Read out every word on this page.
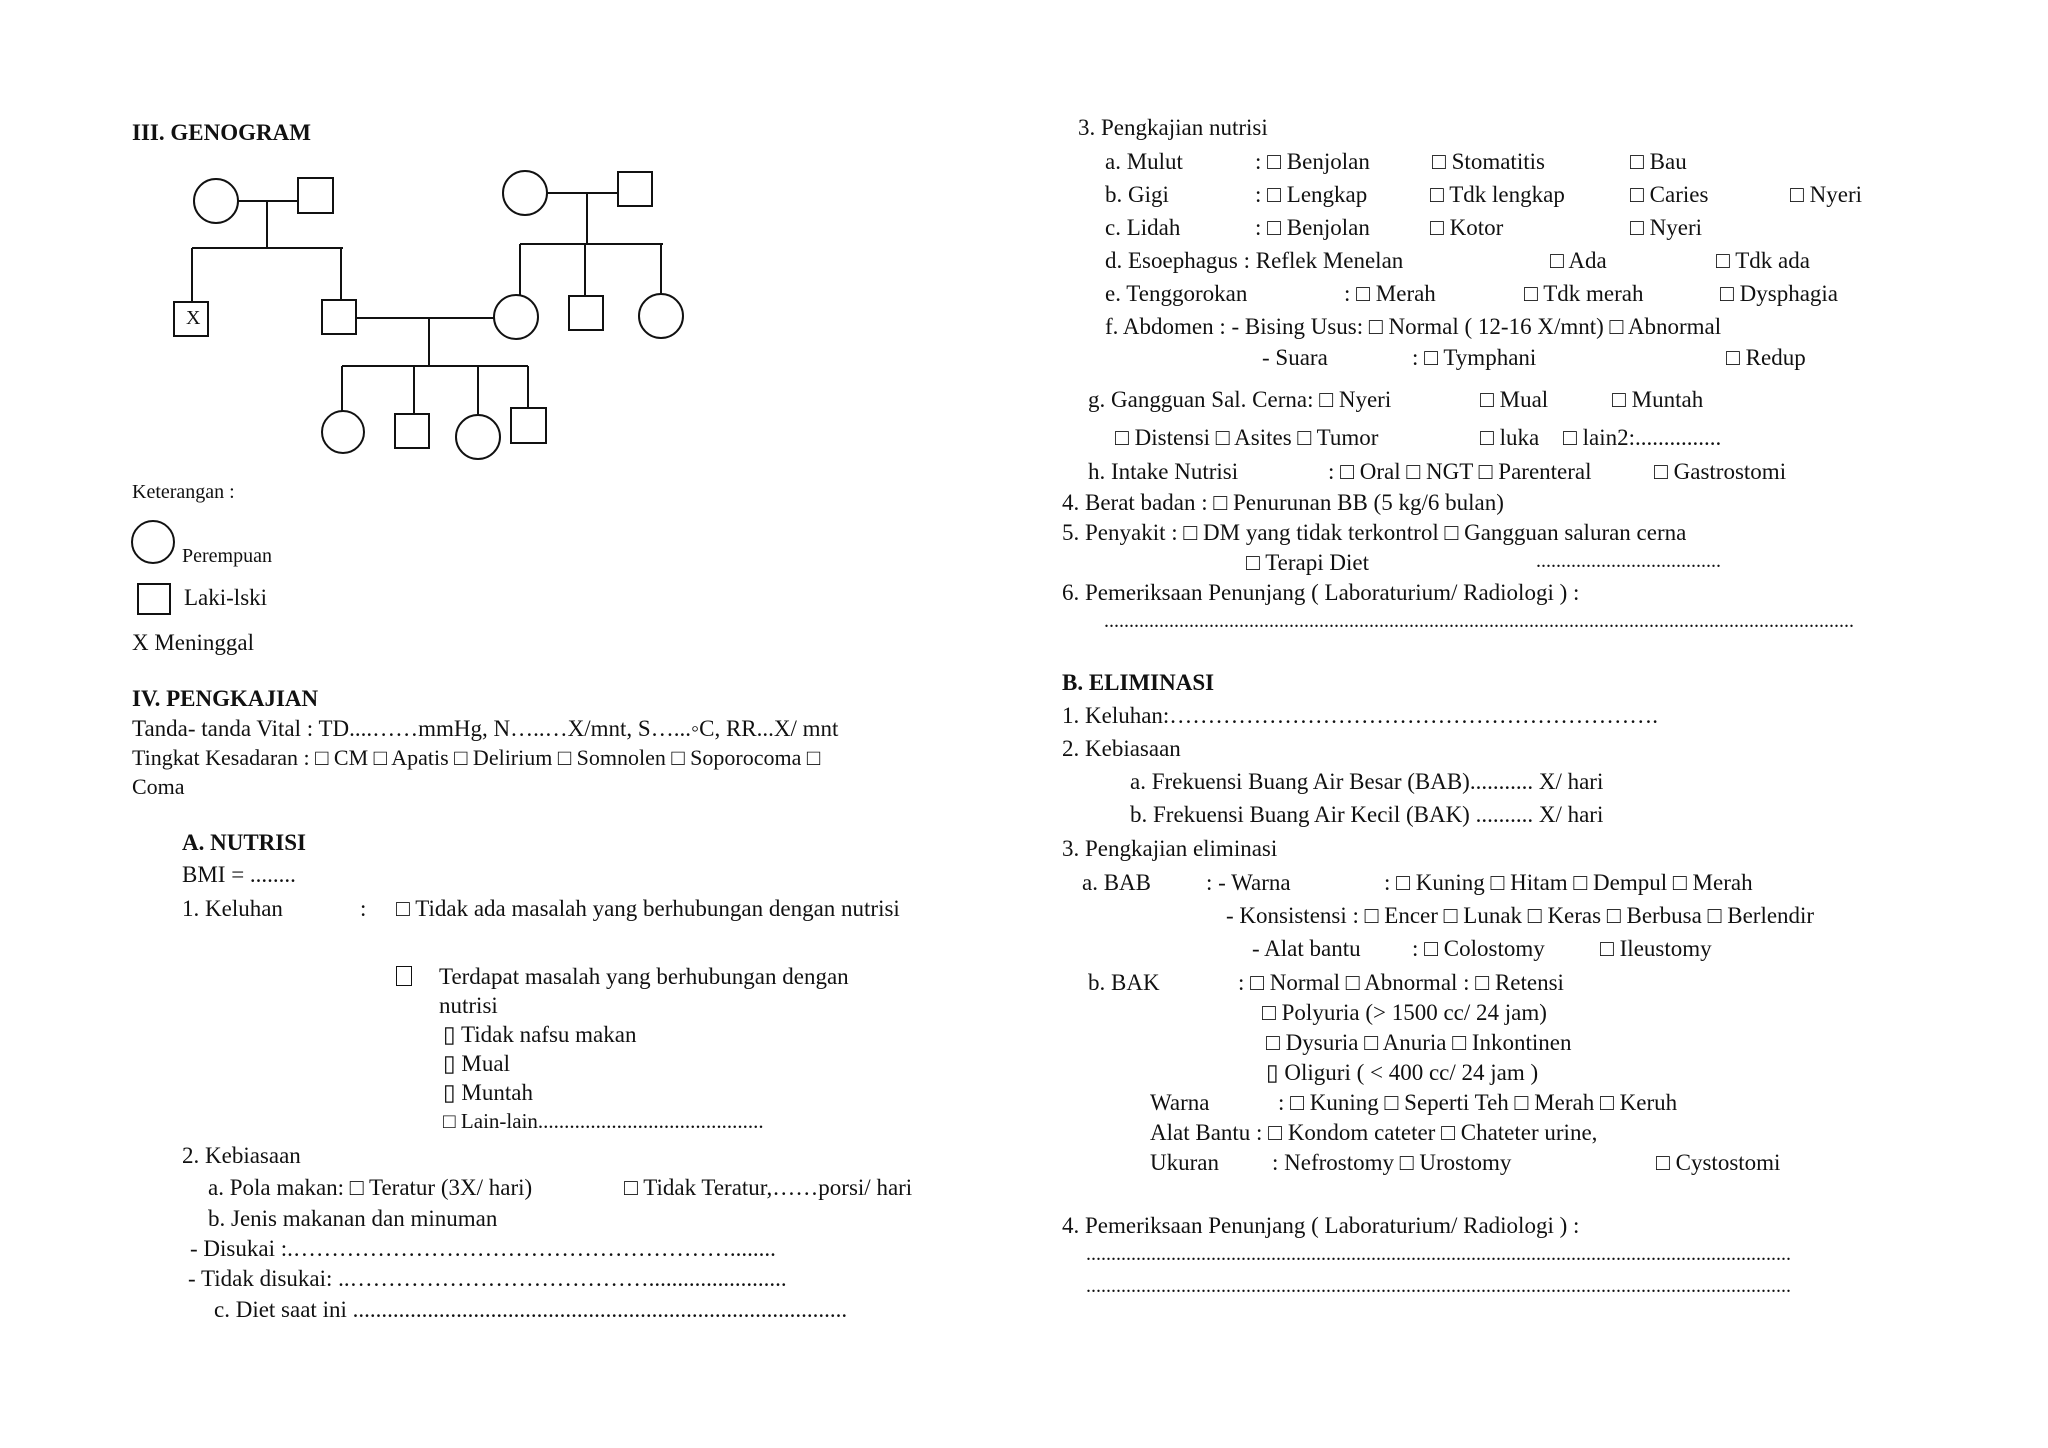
III. GENOGRAM
X
Keterangan :
Perempuan
Laki-lski
X Meninggal
IV. PENGKAJIAN
Tanda- tanda Vital : TD....……mmHg, N…..…X/mnt, S…...◦C, RR...X/ mnt
Tingkat Kesadaran : □ CM □ Apatis □ Delirium □ Somnolen □ Soporocoma □
Coma
A. NUTRISI
BMI = ........
1. Keluhan	: □ Tidak ada masalah yang berhubungan dengan nutrisi
Terdapat masalah yang berhubungan dengan
nutrisi
▯ Tidak nafsu makan
▯ Mual
▯ Muntah
□ Lain-lain...........................................
2. Kebiasaan
a. Pola makan: □ Teratur (3X/ hari)	□ Tidak Teratur,……porsi/ hari
b. Jenis makanan dan minuman
- Disukai :.…………………………………………………........
- Tidak disukai: ..…………………………………........................
c. Diet saat ini ......................................................................................
3. Pengkajian nutrisi
a. Mulut	: □ Benjolan	□ Stomatitis	□ Bau
b. Gigi	: □ Lengkap	□ Tdk lengkap	□ Caries	□ Nyeri
c. Lidah	: □ Benjolan	□ Kotor	□ Nyeri
d. Esoephagus : Reflek Menelan	□ Ada	□ Tdk ada
e. Tenggorokan	: □ Merah	□ Tdk merah	□ Dysphagia
f. Abdomen : - Bising Usus: □ Normal ( 12-16 X/mnt) □ Abnormal
- Suara	: □ Tymphani	□ Redup
g. Gangguan Sal. Cerna: □ Nyeri	□ Mual	□ Muntah
□ Distensi □ Asites □ Tumor	□ luka □ lain2:...............
h. Intake Nutrisi	: □ Oral □ NGT □ Parenteral	□ Gastrostomi
4. Berat badan : □ Penurunan BB (5 kg/6 bulan)
5. Penyakit : □ DM yang tidak terkontrol □ Gangguan saluran cerna
□ Terapi Diet	.....................................
6. Pemeriksaan Penunjang ( Laboraturium/ Radiologi ) :
......................................................................................................................................................
B. ELIMINASI
1. Keluhan:……………………………………………………….
2. Kebiasaan
a. Frekuensi Buang Air Besar (BAB)........... X/ hari
b. Frekuensi Buang Air Kecil (BAK) .......... X/ hari
3. Pengkajian eliminasi
a. BAB : - Warna	: □ Kuning □ Hitam □ Dempul □ Merah
- Konsistensi : □ Encer □ Lunak □ Keras □ Berbusa □ Berlendir
- Alat bantu : □ Colostomy □ Ileustomy
b. BAK	: □ Normal □ Abnormal : □ Retensi
□ Polyuria (> 1500 cc/ 24 jam)
□ Dysuria □ Anuria □ Inkontinen
▯ Oliguri ( < 400 cc/ 24 jam )
Warna	: □ Kuning □ Seperti Teh □ Merah □ Keruh
Alat Bantu : □ Kondom cateter □ Chateter urine,
Ukuran : Nefrostomy □ Urostomy	□ Cystostomi
4. Pemeriksaan Penunjang ( Laboraturium/ Radiologi ) :
.............................................................................................................................................
.............................................................................................................................................
